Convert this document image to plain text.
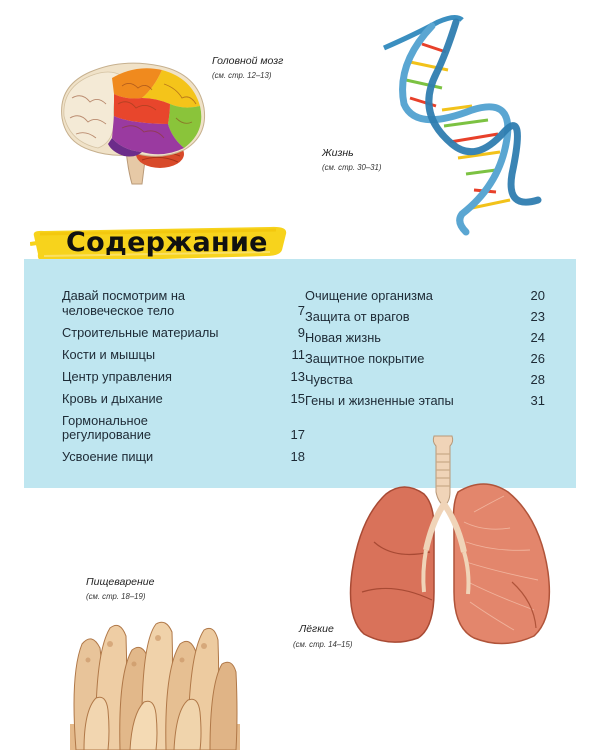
Головной мозг
(см. стр. 12–13)
Жизнь
(см. стр. 30–31)
Содержание
Давай посмотрим на человеческое тело	7
Строительные материалы	9
Кости и мышцы	11
Центр управления	13
Кровь и дыхание	15
Гормональное регулирование	17
Усвоение пищи	18
Очищение организма	20
Защита от врагов	23
Новая жизнь	24
Защитное покрытие	26
Чувства	28
Гены и жизненные этапы	31
Лёгкие
(см. стр. 14–15)
Пищеварение
(см. стр. 18–19)
